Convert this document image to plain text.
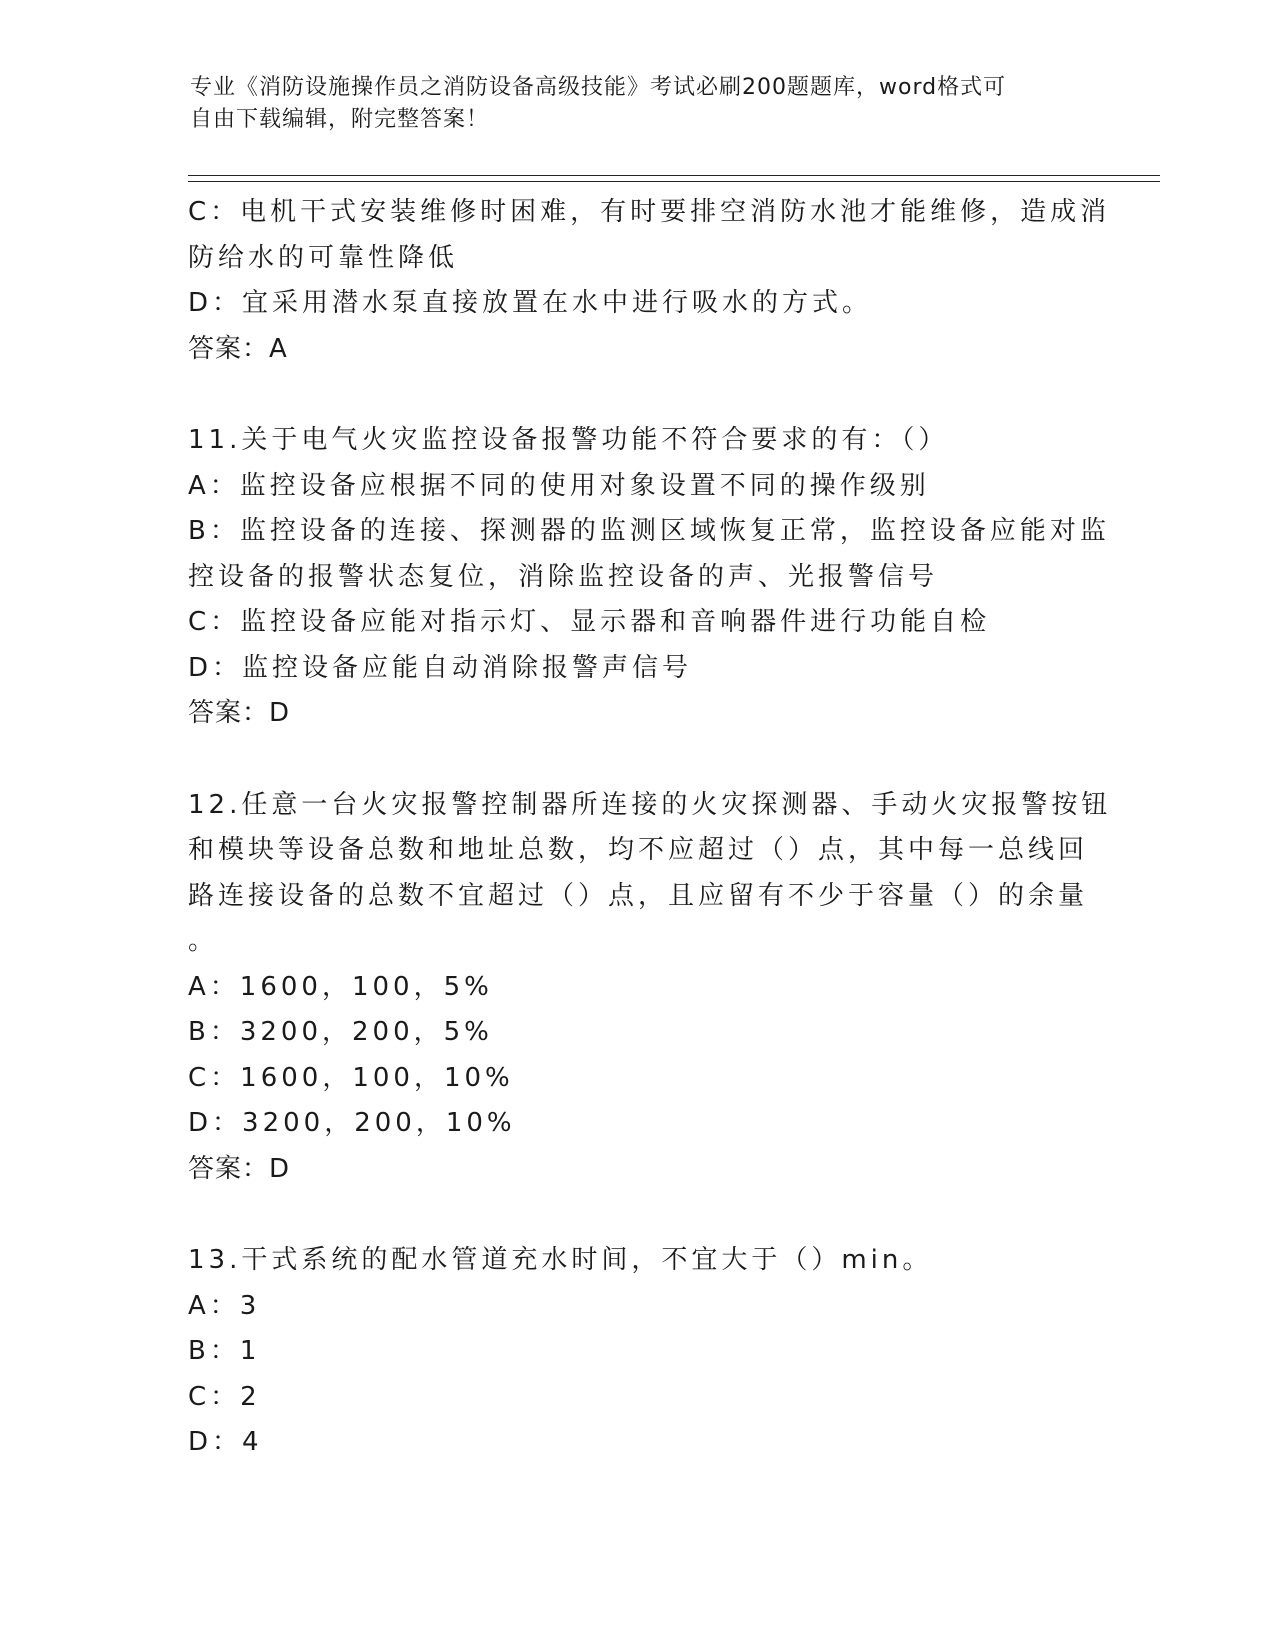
专业《消防设施操作员之消防设备高级技能》考试必刷200题题库，word格式可
自由下载编辑，附完整答案！
C：电机干式安装维修时困难，有时要排空消防水池才能维修，造成消
防给水的可靠性降低
D：宜采用潜水泵直接放置在水中进行吸水的方式。
答案：A
11.关于电气火灾监控设备报警功能不符合要求的有：（）
A：监控设备应根据不同的使用对象设置不同的操作级别
B：监控设备的连接、探测器的监测区域恢复正常，监控设备应能对监
控设备的报警状态复位，消除监控设备的声、光报警信号
C：监控设备应能对指示灯、显示器和音响器件进行功能自检
D：监控设备应能自动消除报警声信号
答案：D
12.任意一台火灾报警控制器所连接的火灾探测器、手动火灾报警按钮
和模块等设备总数和地址总数，均不应超过（）点，其中每一总线回
路连接设备的总数不宜超过（）点，且应留有不少于容量（）的余量
。
A：1600，100，5%
B：3200，200，5%
C：1600，100，10%
D：3200，200，10%
答案：D
13.干式系统的配水管道充水时间，不宜大于（）min。
A：3
B：1
C：2
D：4
